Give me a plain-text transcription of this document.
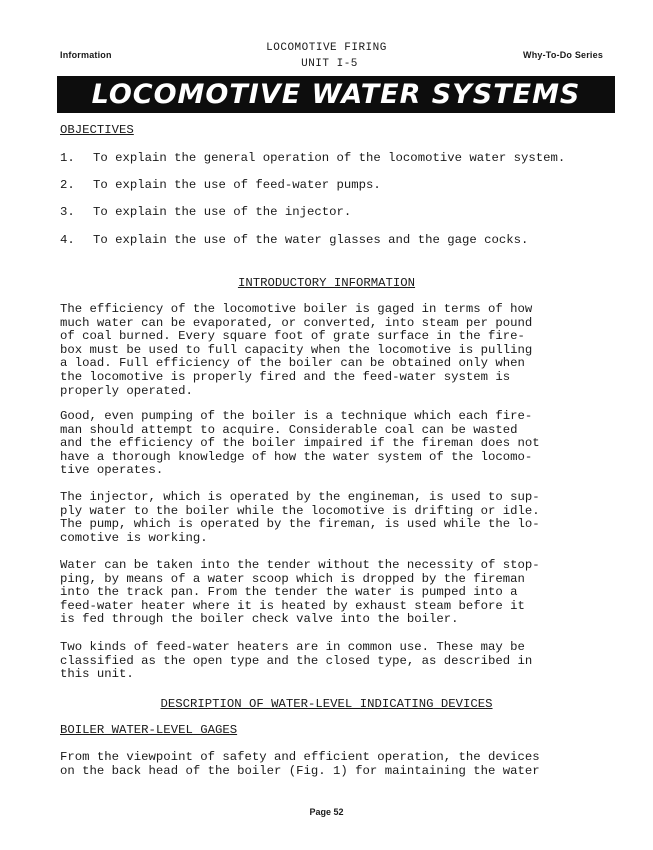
Information
LOCOMOTIVE FIRING
UNIT I-5
Why-To-Do Series
LOCOMOTIVE WATER SYSTEMS
OBJECTIVES
1. To explain the general operation of the locomotive water system.
2. To explain the use of feed-water pumps.
3. To explain the use of the injector.
4. To explain the use of the water glasses and the gage cocks.
INTRODUCTORY INFORMATION
The efficiency of the locomotive boiler is gaged in terms of how
much water can be evaporated, or converted, into steam per pound
of coal burned. Every square foot of grate surface in the fire-
box must be used to full capacity when the locomotive is pulling
a load. Full efficiency of the boiler can be obtained only when
the locomotive is properly fired and the feed-water system is
properly operated.
Good, even pumping of the boiler is a technique which each fire-
man should attempt to acquire. Considerable coal can be wasted
and the efficiency of the boiler impaired if the fireman does not
have a thorough knowledge of how the water system of the locomo-
tive operates.
The injector, which is operated by the engineman, is used to sup-
ply water to the boiler while the locomotive is drifting or idle.
The pump, which is operated by the fireman, is used while the lo-
comotive is working.
Water can be taken into the tender without the necessity of stop-
ping, by means of a water scoop which is dropped by the fireman
into the track pan. From the tender the water is pumped into a
feed-water heater where it is heated by exhaust steam before it
is fed through the boiler check valve into the boiler.
Two kinds of feed-water heaters are in common use. These may be
classified as the open type and the closed type, as described in
this unit.
DESCRIPTION OF WATER-LEVEL INDICATING DEVICES
BOILER WATER-LEVEL GAGES
From the viewpoint of safety and efficient operation, the devices
on the back head of the boiler (Fig. 1) for maintaining the water
Page 52
